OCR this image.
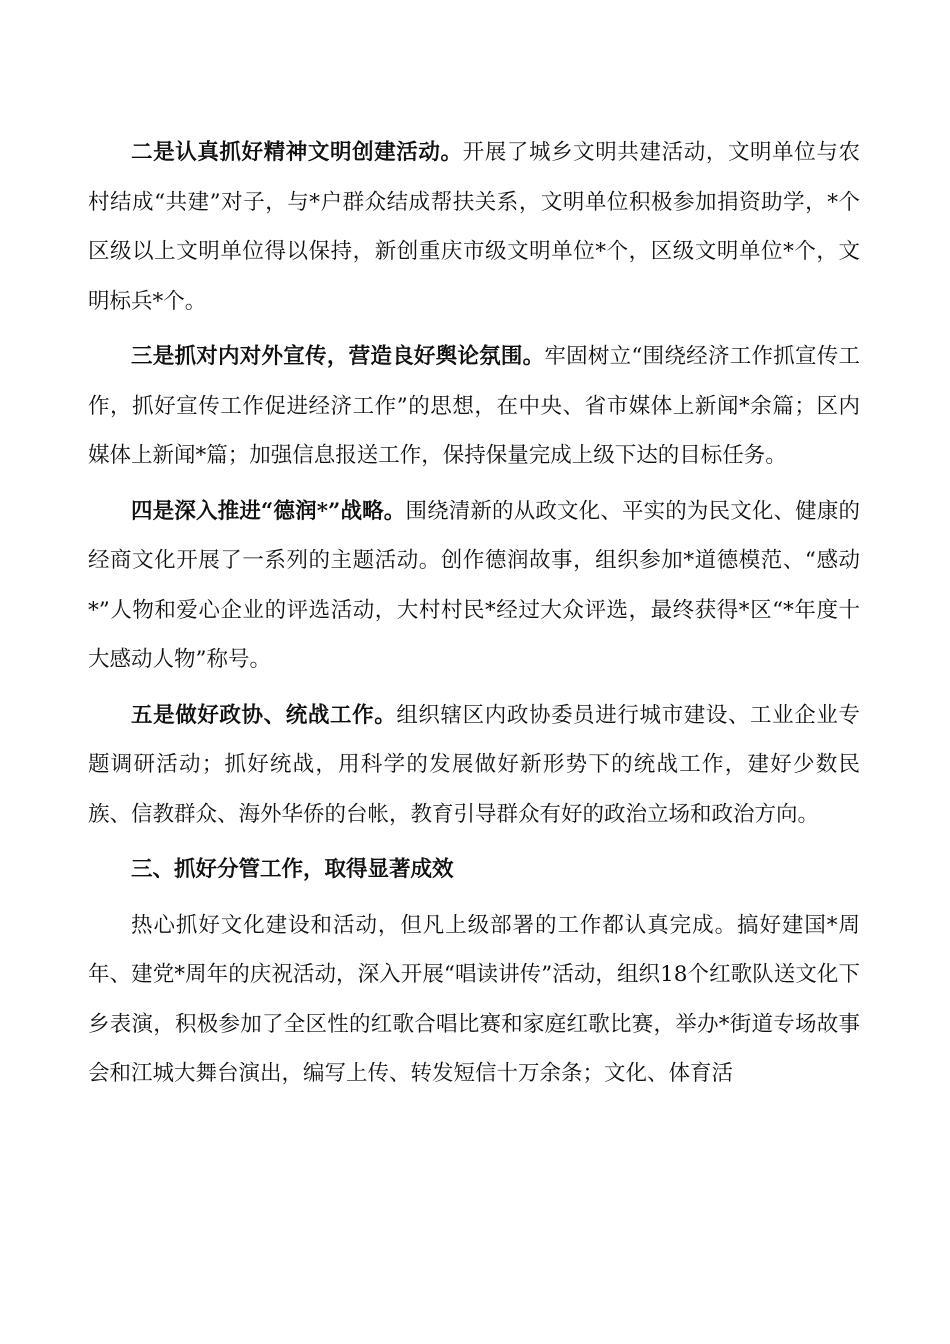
二是认真抓好精神文明创建活动。开展了城乡文明共建活动，文明单位与农村结成“共建”对子，与*户群众结成帮扶关系，文明单位积极参加捐资助学，*个区级以上文明单位得以保持，新创重庆市级文明单位*个，区级文明单位*个，文明标兵*个。

三是抓对内对外宣传，营造良好舆论氛围。牢固树立“围绕经济工作抓宣传工作，抓好宣传工作促进经济工作”的思想，在中央、省市媒体上新闻*余篇；区内媒体上新闻*篇；加强信息报送工作，保持保量完成上级下达的目标任务。

四是深入推进“德润*”战略。围绕清新的从政文化、平实的为民文化、健康的经商文化开展了一系列的主题活动。创作德润故事，组织参加*道德模范、“感动*”人物和爱心企业的评选活动，大村村民*经过大众评选，最终获得*区“*年度十大感动人物”称号。

五是做好政协、统战工作。组织辖区内政协委员进行城市建设、工业企业专题调研活动；抓好统战，用科学的发展做好新形势下的统战工作，建好少数民族、信教群众、海外华侨的台帐，教育引导群众有好的政治立场和政治方向。

三、抓好分管工作，取得显著成效

热心抓好文化建设和活动，但凡上级部署的工作都认真完成。搞好建国*周年、建党*周年的庆祝活动，深入开展“唱读讲传”活动，组织18个红歌队送文化下乡表演，积极参加了全区性的红歌合唱比赛和家庭红歌比赛，举办*街道专场故事会和江城大舞台演出，编写上传、转发短信十万余条；文化、体育活
